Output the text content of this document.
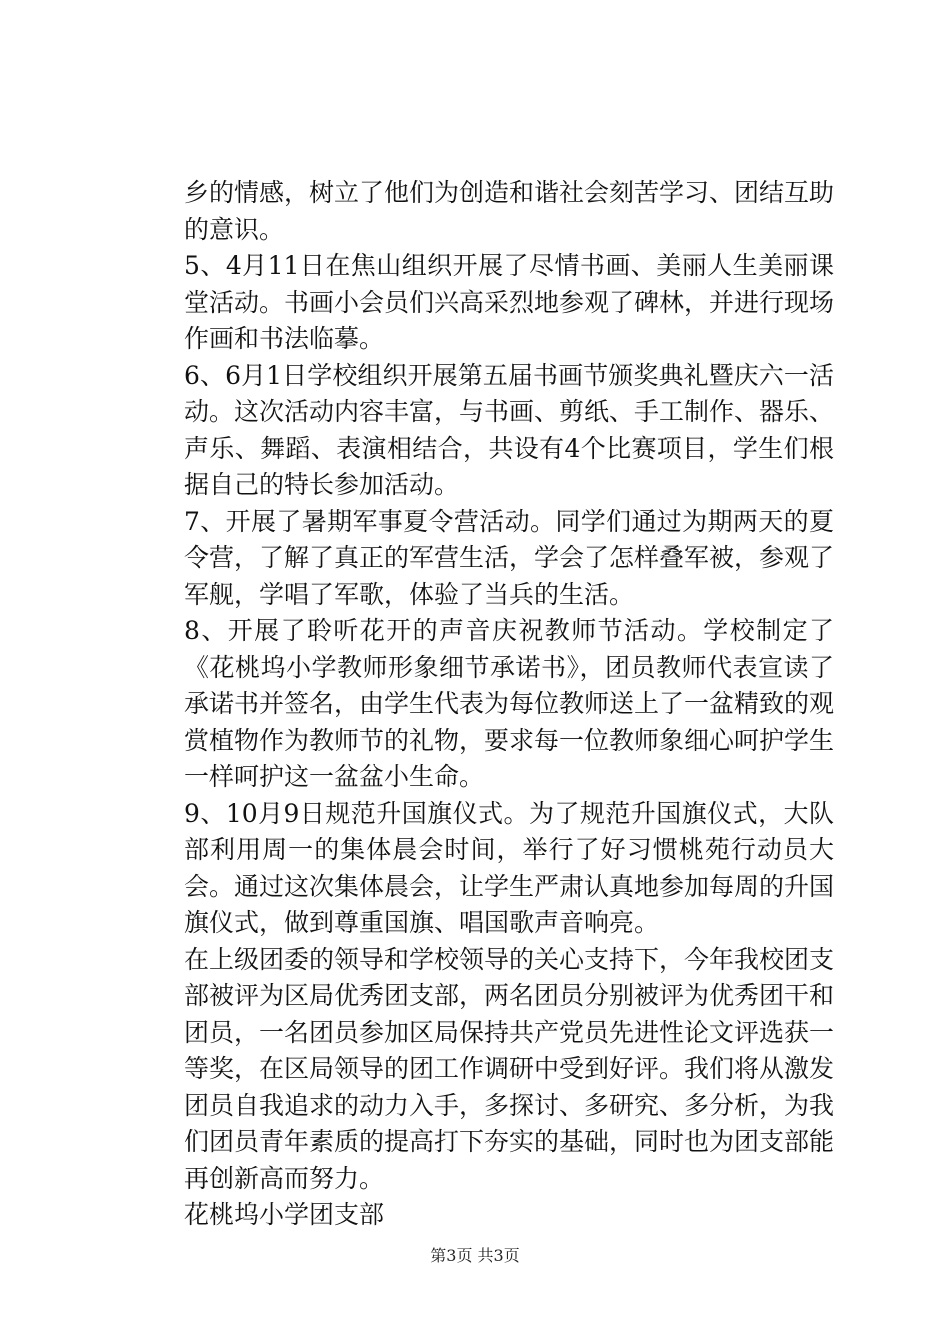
乡的情感，树立了他们为创造和谐社会刻苦学习、团结互助的意识。

5、4月11日在焦山组织开展了尽情书画、美丽人生美丽课堂活动。书画小会员们兴高采烈地参观了碑林，并进行现场作画和书法临摹。

6、6月1日学校组织开展第五届书画节颁奖典礼暨庆六一活动。这次活动内容丰富，与书画、剪纸、手工制作、器乐、声乐、舞蹈、表演相结合，共设有4个比赛项目，学生们根据自己的特长参加活动。

7、开展了暑期军事夏令营活动。同学们通过为期两天的夏令营，了解了真正的军营生活，学会了怎样叠军被，参观了军舰，学唱了军歌，体验了当兵的生活。

8、开展了聆听花开的声音庆祝教师节活动。学校制定了《花桃坞小学教师形象细节承诺书》，团员教师代表宣读了承诺书并签名，由学生代表为每位教师送上了一盆精致的观赏植物作为教师节的礼物，要求每一位教师象细心呵护学生一样呵护这一盆盆小生命。

9、10月9日规范升国旗仪式。为了规范升国旗仪式，大队部利用周一的集体晨会时间，举行了好习惯桃苑行动员大会。通过这次集体晨会，让学生严肃认真地参加每周的升国旗仪式，做到尊重国旗、唱国歌声音响亮。

在上级团委的领导和学校领导的关心支持下，今年我校团支部被评为区局优秀团支部，两名团员分别被评为优秀团干和团员，一名团员参加区局保持共产党员先进性论文评选获一等奖，在区局领导的团工作调研中受到好评。我们将从激发团员自我追求的动力入手，多探讨、多研究、多分析，为我们团员青年素质的提高打下夯实的基础，同时也为团支部能再创新高而努力。

花桃坞小学团支部

第3页 共3页
